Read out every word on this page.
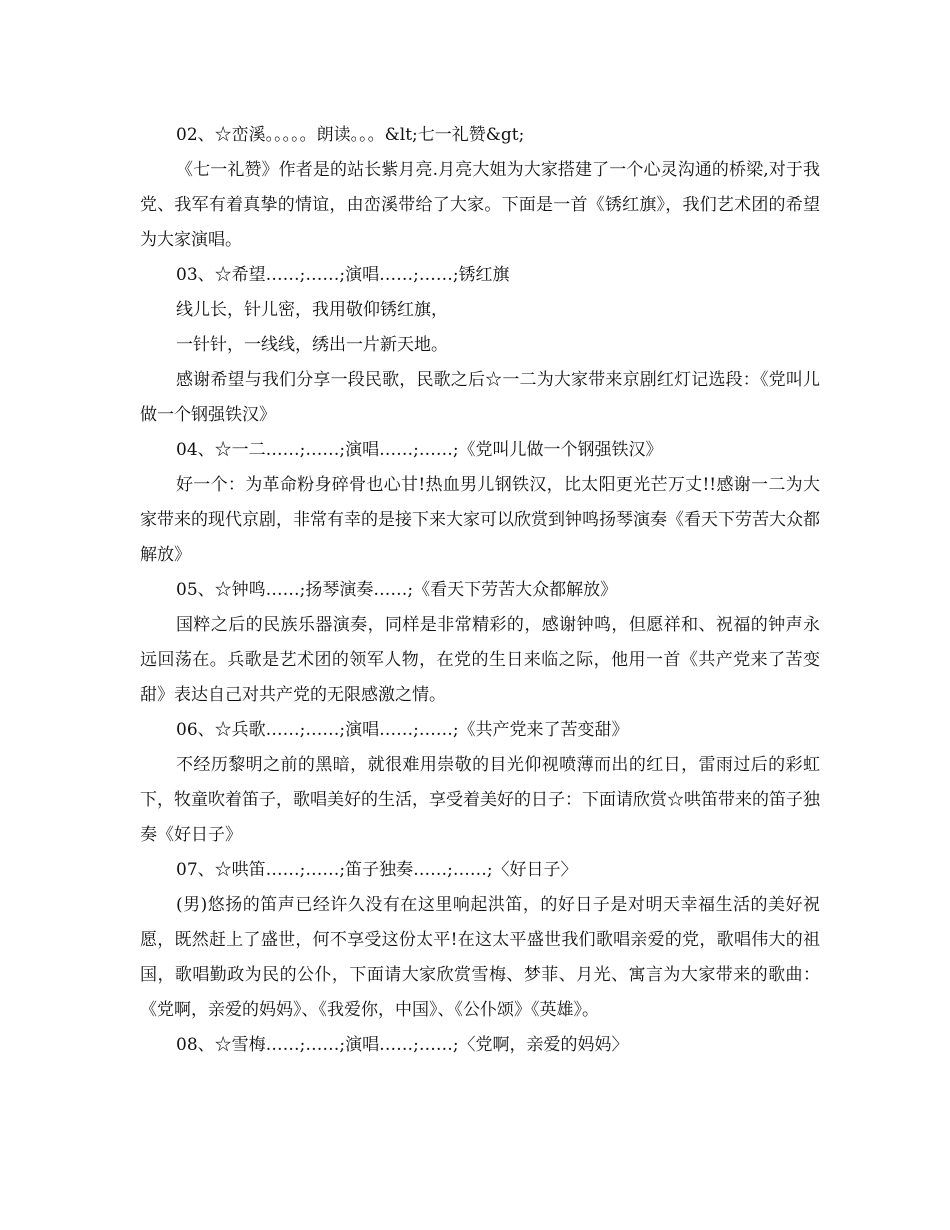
02、☆峦溪。。。。。朗读。。。&lt;七一礼赞&gt;

《七一礼赞》作者是的站长紫月亮.月亮大姐为大家搭建了一个心灵沟通的桥梁,对于我党、我军有着真挚的情谊，由峦溪带给了大家。下面是一首《锈红旗》，我们艺术团的希望为大家演唱。

03、☆希望……;……;演唱……;……;锈红旗

线儿长，针儿密，我用敬仰锈红旗，

一针针，一线线，绣出一片新天地。

感谢希望与我们分享一段民歌，民歌之后☆一二为大家带来京剧红灯记选段：《党叫儿做一个钢强铁汉》

04、☆一二……;……;演唱……;……;《党叫儿做一个钢强铁汉》

好一个：为革命粉身碎骨也心甘!热血男儿钢铁汉，比太阳更光芒万丈!!感谢一二为大家带来的现代京剧，非常有幸的是接下来大家可以欣赏到钟鸣扬琴演奏《看天下劳苦大众都解放》

05、☆钟鸣……;扬琴演奏……;《看天下劳苦大众都解放》

国粹之后的民族乐器演奏，同样是非常精彩的，感谢钟鸣，但愿祥和、祝福的钟声永远回荡在。兵歌是艺术团的领军人物，在党的生日来临之际，他用一首《共产党来了苦变甜》表达自己对共产党的无限感激之情。

06、☆兵歌……;……;演唱……;……;《共产党来了苦变甜》

不经历黎明之前的黑暗，就很难用崇敬的目光仰视喷薄而出的红日，雷雨过后的彩虹下，牧童吹着笛子，歌唱美好的生活，享受着美好的日子：下面请欣赏☆哄笛带来的笛子独奏《好日子》

07、☆哄笛……;……;笛子独奏……;……;〈好日子〉

(男)悠扬的笛声已经许久没有在这里响起洪笛，的好日子是对明天幸福生活的美好祝愿，既然赶上了盛世，何不享受这份太平!在这太平盛世我们歌唱亲爱的党，歌唱伟大的祖国，歌唱勤政为民的公仆，下面请大家欣赏雪梅、梦菲、月光、寓言为大家带来的歌曲：《党啊，亲爱的妈妈》、《我爱你，中国》、《公仆颂》《英雄》。

08、☆雪梅……;……;演唱……;……;〈党啊，亲爱的妈妈〉
